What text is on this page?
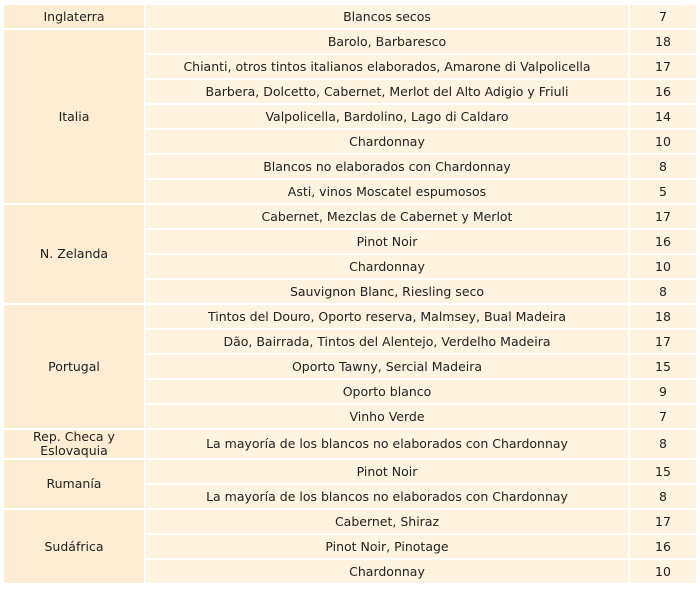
Inglaterra	Blancos secos	7
Italia	Barolo, Barbaresco	18
	Chianti, otros tintos italianos elaborados, Amarone di Valpolicella	17
	Barbera, Dolcetto, Cabernet, Merlot del Alto Adigio y Friuli	16
	Valpolicella, Bardolino, Lago di Caldaro	14
	Chardonnay	10
	Blancos no elaborados con Chardonnay	8
	Asti, vinos Moscatel espumosos	5
N. Zelanda	Cabernet, Mezclas de Cabernet y Merlot	17
	Pinot Noir	16
	Chardonnay	10
	Sauvignon Blanc, Riesling seco	8
Portugal	Tintos del Douro, Oporto reserva, Malmsey, Bual Madeira	18
	Dão, Bairrada, Tintos del Alentejo, Verdelho Madeira	17
	Oporto Tawny, Sercial Madeira	15
	Oporto blanco	9
	Vinho Verde	7
Rep. Checa y Eslovaquia	La mayoría de los blancos no elaborados con Chardonnay	8
Rumanía	Pinot Noir	15
	La mayoría de los blancos no elaborados con Chardonnay	8
Sudáfrica	Cabernet, Shiraz	17
	Pinot Noir, Pinotage	16
	Chardonnay	10
